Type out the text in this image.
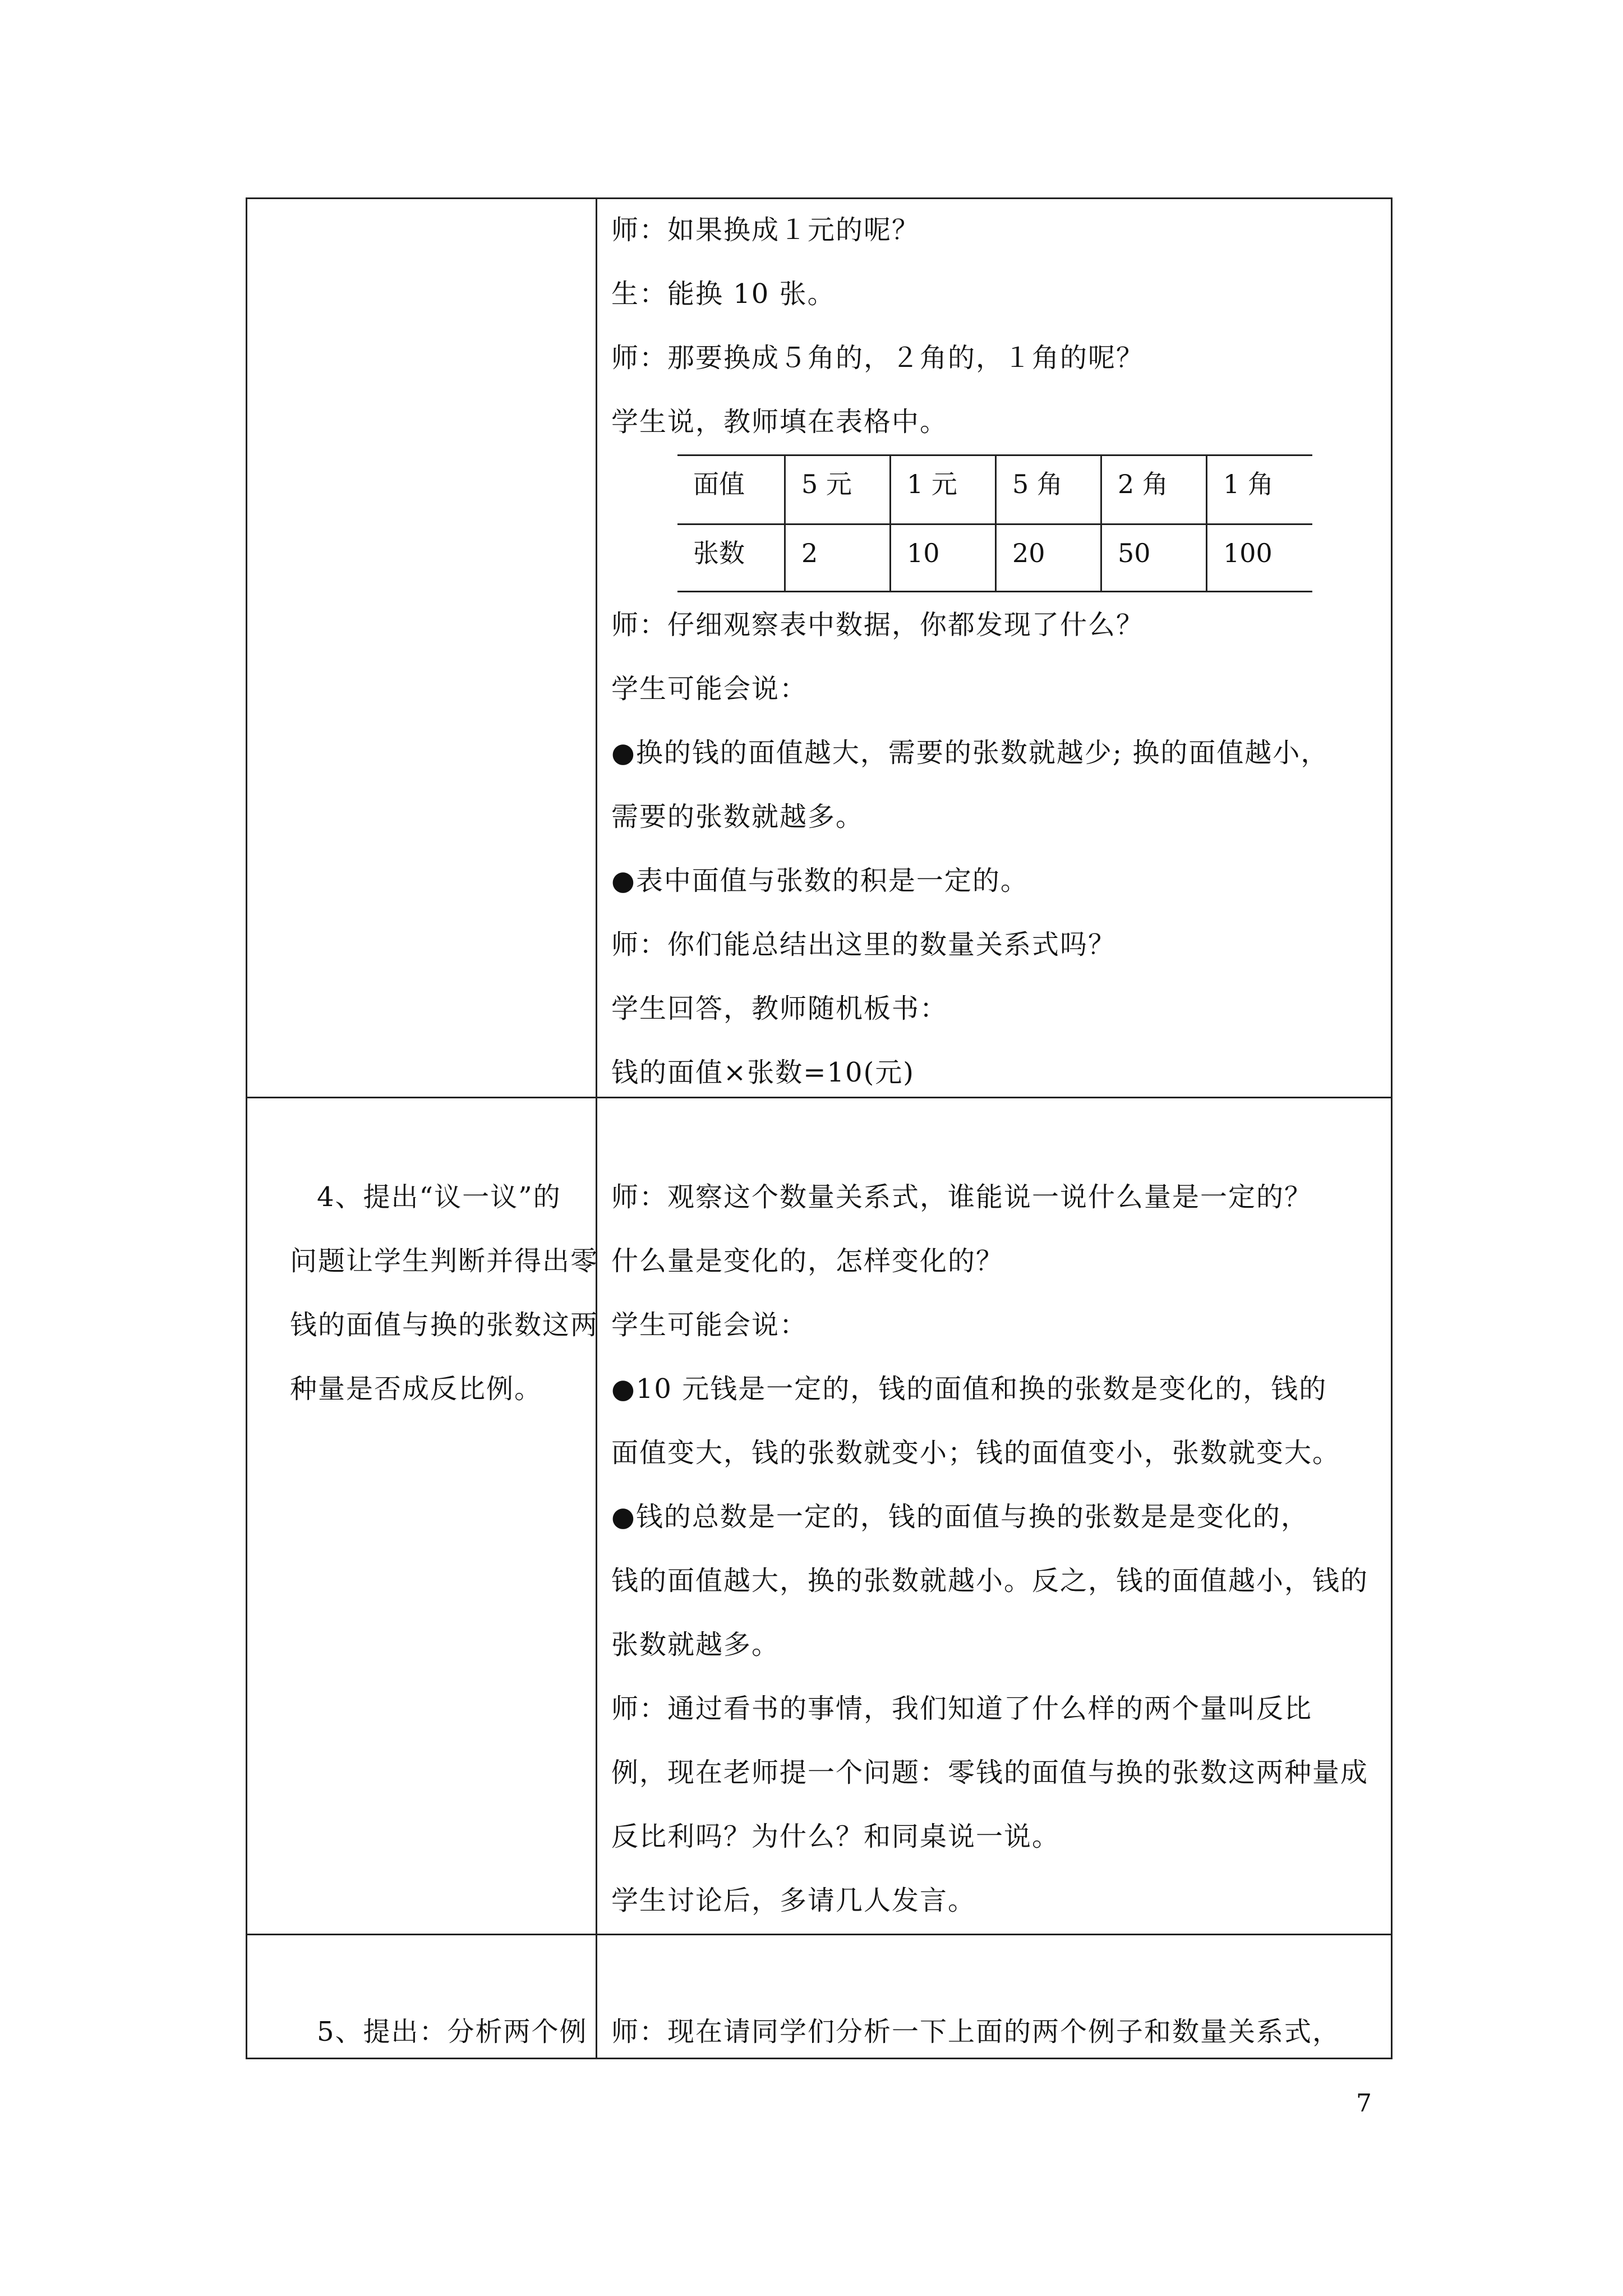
师：如果换成１元的呢？
生：能换 10 张。
师：那要换成５角的，２角的，１角的呢？
学生说，教师填在表格中。
面值	5 元	1 元	5 角	2 角	1 角
张数	2	10	20	50	100
师：仔细观察表中数据，你都发现了什么？
学生可能会说：
●换的钱的面值越大，需要的张数就越少; 换的面值越小，
需要的张数就越多。
●表中面值与张数的积是一定的。
师：你们能总结出这里的数量关系式吗？
学生回答，教师随机板书：
钱的面值×张数=10(元)
4、提出“议一议”的
问题让学生判断并得出零
钱的面值与换的张数这两
种量是否成反比例。
师：观察这个数量关系式，谁能说一说什么量是一定的？
什么量是变化的，怎样变化的？
学生可能会说：
●10 元钱是一定的，钱的面值和换的张数是变化的，钱的
面值变大，钱的张数就变小；钱的面值变小，张数就变大。
●钱的总数是一定的，钱的面值与换的张数是是变化的，
钱的面值越大，换的张数就越小。反之，钱的面值越小，钱的
张数就越多。
师：通过看书的事情，我们知道了什么样的两个量叫反比
例，现在老师提一个问题：零钱的面值与换的张数这两种量成
反比利吗？为什么？和同桌说一说。
学生讨论后，多请几人发言。
5、提出：分析两个例 师：现在请同学们分析一下上面的两个例子和数量关系式，
7
